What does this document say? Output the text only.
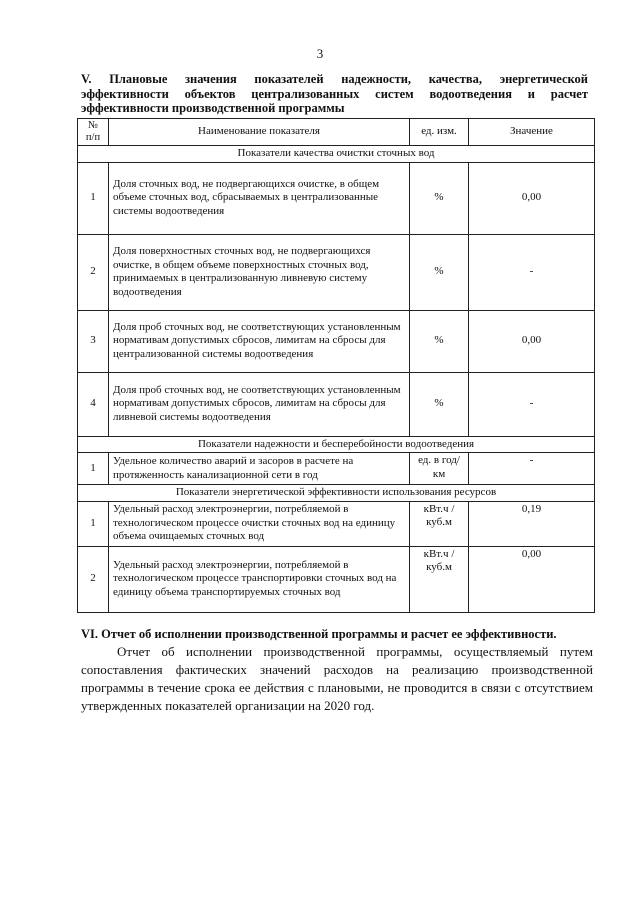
3
V. Плановые значения показателей надежности, качества, энергетической
эффективности объектов централизованных систем водоотведения и расчет
эффективности производственной программы
№
п/п	Наименование показателя	ед. изм.	Значение
Показатели качества очистки сточных вод			
1	Доля сточных вод, не подвергающихся очистке, в общем объеме сточных вод, сбрасываемых в централизованные системы водоотведения	%	0,00
2	Доля поверхностных сточных вод, не подвергающихся очистке, в общем объеме поверхностных сточных вод, принимаемых в централизованную ливневую систему водоотведения	%	-
3	Доля проб сточных вод, не соответствующих установленным нормативам допустимых сбросов, лимитам на сбросы для централизованной системы водоотведения	%	0,00
4	Доля проб сточных вод, не соответствующих установленным нормативам допустимых сбросов, лимитам на сбросы для ливневой системы водоотведения	%	-
Показатели надежности и бесперебойности водоотведения			
1	Удельное количество аварий и засоров в расчете на протяженность канализационной сети в год	ед. в год/ км	-
Показатели энергетической эффективности использования ресурсов			
1	Удельный расход электроэнергии, потребляемой в технологическом процессе очистки сточных вод на единицу объема очищаемых сточных вод	кВт.ч / куб.м	0,19
2	Удельный расход электроэнергии, потребляемой в технологическом процессе транспортировки сточных вод на единицу объема транспортируемых сточных вод	кВт.ч / куб.м	0,00
VI. Отчет об исполнении производственной программы и расчет ее эффективности.

Отчет об исполнении производственной программы, осуществляемый путем сопоставления фактических значений расходов на реализацию производственной программы в течение срока ее действия с плановыми, не проводится в связи с отсутствием утвержденных показателей организации на 2020 год.
